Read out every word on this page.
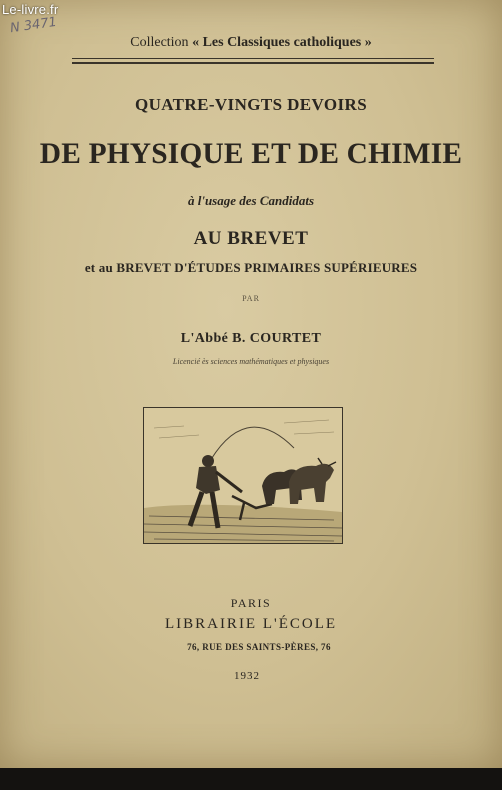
Le-livre.fr
N 3471
Collection « Les Classiques catholiques »
QUATRE-VINGTS DEVOIRS
DE PHYSIQUE ET DE CHIMIE
à l'usage des Candidats
AU BREVET
et au BREVET D'ÉTUDES PRIMAIRES SUPÉRIEURES
PAR
L'Abbé B. COURTET
Licencié ès sciences mathématiques et physiques
PARIS
LIBRAIRIE L'ÉCOLE
76, RUE DES SAINTS-PÈRES, 76
1932
